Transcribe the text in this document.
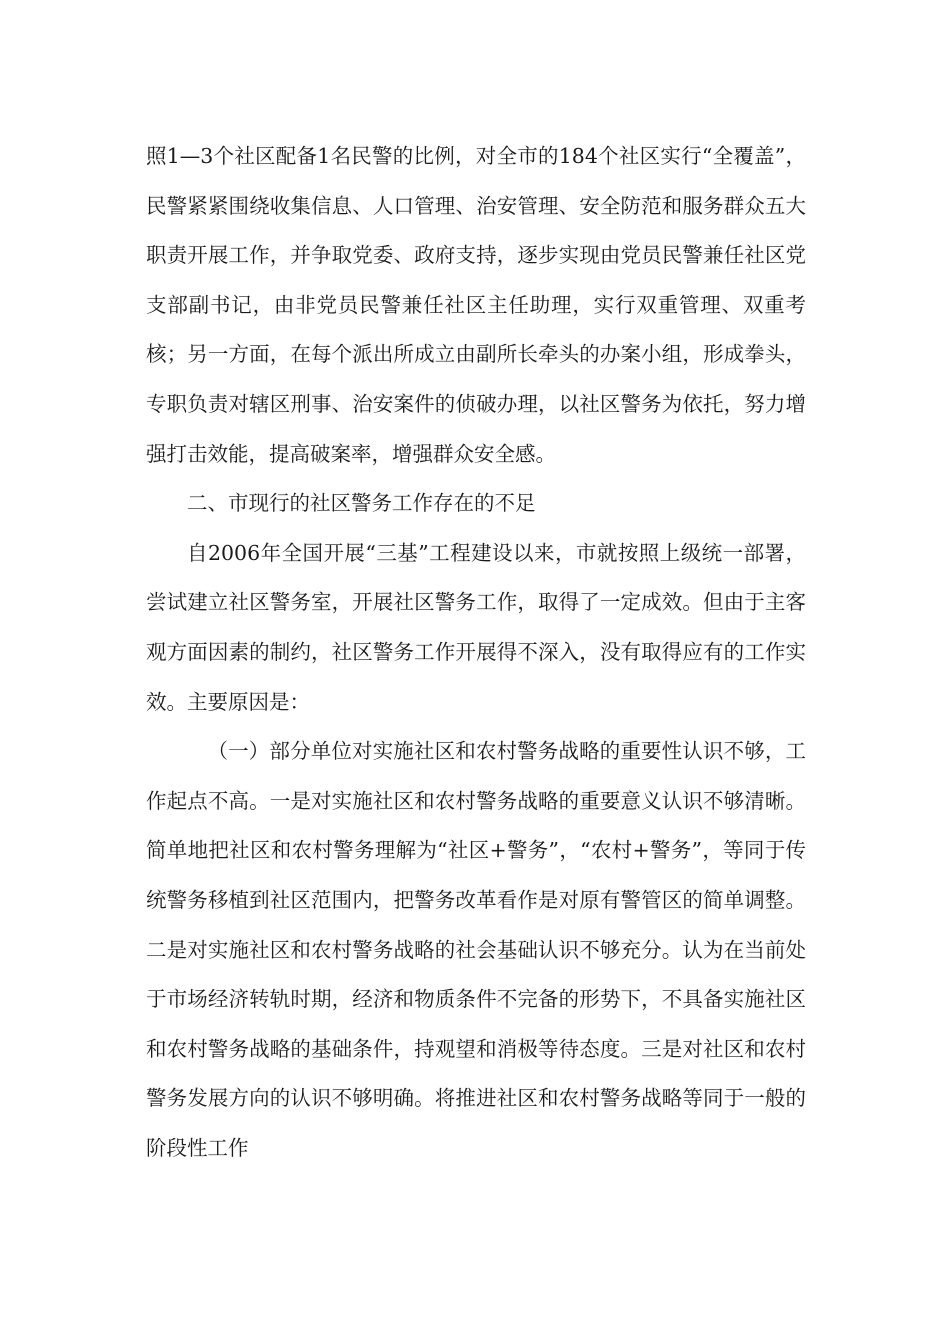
照1—3个社区配备1名民警的比例，对全市的184个社区实行“全覆盖”，民警紧紧围绕收集信息、人口管理、治安管理、安全防范和服务群众五大职责开展工作，并争取党委、政府支持，逐步实现由党员民警兼任社区党支部副书记，由非党员民警兼任社区主任助理，实行双重管理、双重考核；另一方面，在每个派出所成立由副所长牵头的办案小组，形成拳头，专职负责对辖区刑事、治安案件的侦破办理，以社区警务为依托，努力增强打击效能，提高破案率，增强群众安全感。

二、市现行的社区警务工作存在的不足

自2006年全国开展“三基”工程建设以来，市就按照上级统一部署，尝试建立社区警务室，开展社区警务工作，取得了一定成效。但由于主客观方面因素的制约，社区警务工作开展得不深入，没有取得应有的工作实效。主要原因是：

（一）部分单位对实施社区和农村警务战略的重要性认识不够，工作起点不高。一是对实施社区和农村警务战略的重要意义认识不够清晰。简单地把社区和农村警务理解为“社区+警务”，“农村+警务”，等同于传统警务移植到社区范围内，把警务改革看作是对原有警管区的简单调整。二是对实施社区和农村警务战略的社会基础认识不够充分。认为在当前处于市场经济转轨时期，经济和物质条件不完备的形势下，不具备实施社区和农村警务战略的基础条件，持观望和消极等待态度。三是对社区和农村警务发展方向的认识不够明确。将推进社区和农村警务战略等同于一般的阶段性工作
